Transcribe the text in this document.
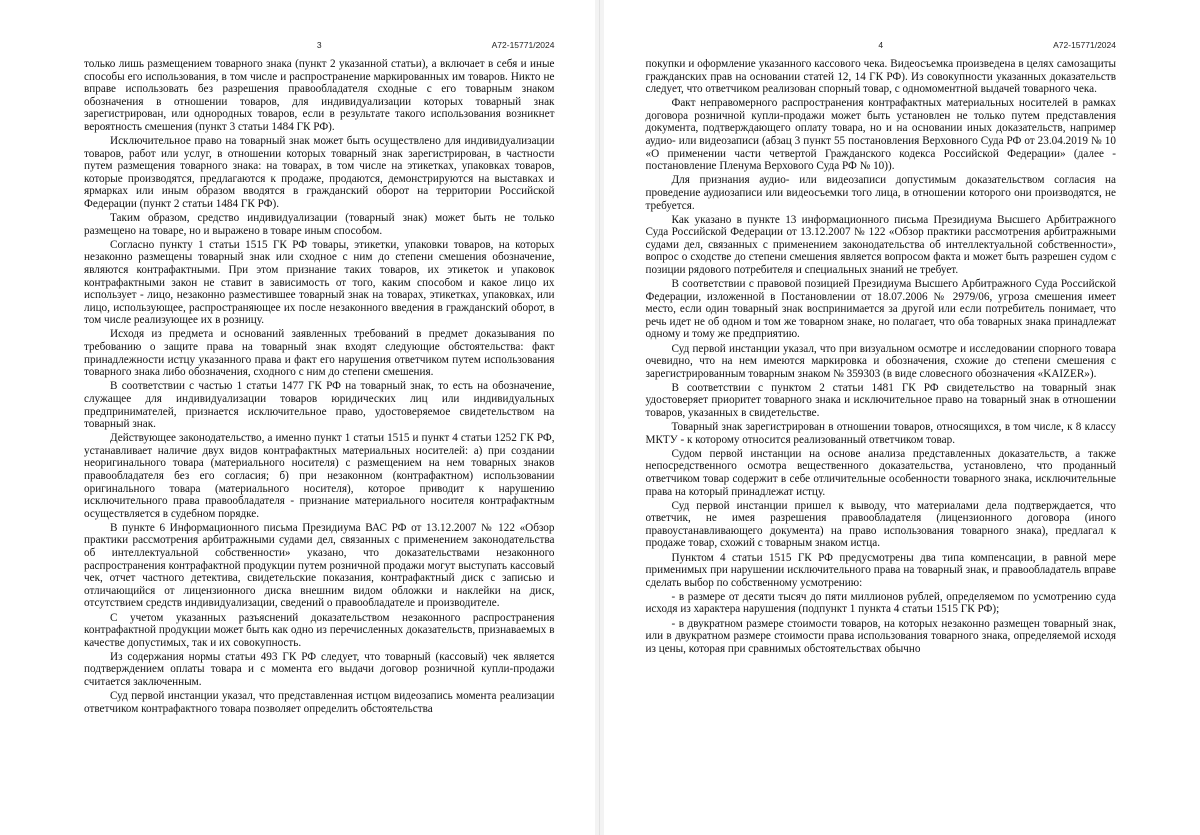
3	А72-15771/2024

только лишь размещением товарного знака (пункт 2 указанной статьи), а включает в себя и иные способы его использования, в том числе и распространение маркированных им товаров. Никто не вправе использовать без разрешения правообладателя сходные с его товарным знаком обозначения в отношении товаров, для индивидуализации которых товарный знак зарегистрирован, или однородных товаров, если в результате такого использования возникнет вероятность смешения (пункт 3 статьи 1484 ГК РФ).

Исключительное право на товарный знак может быть осуществлено для индивидуализации товаров, работ или услуг, в отношении которых товарный знак зарегистрирован, в частности путем размещения товарного знака: на товарах, в том числе на этикетках, упаковках товаров, которые производятся, предлагаются к продаже, продаются, демонстрируются на выставках и ярмарках или иным образом вводятся в гражданский оборот на территории Российской Федерации (пункт 2 статьи 1484 ГК РФ).

Таким образом, средство индивидуализации (товарный знак) может быть не только размещено на товаре, но и выражено в товаре иным способом.

Согласно пункту 1 статьи 1515 ГК РФ товары, этикетки, упаковки товаров, на которых незаконно размещены товарный знак или сходное с ним до степени смешения обозначение, являются контрафактными. При этом признание таких товаров, их этикеток и упаковок контрафактными закон не ставит в зависимость от того, каким способом и какое лицо их использует - лицо, незаконно разместившее товарный знак на товарах, этикетках, упаковках, или лицо, использующее, распространяющее их после незаконного введения в гражданский оборот, в том числе реализующее их в розницу.

Исходя из предмета и оснований заявленных требований в предмет доказывания по требованию о защите права на товарный знак входят следующие обстоятельства: факт принадлежности истцу указанного права и факт его нарушения ответчиком путем использования товарного знака либо обозначения, сходного с ним до степени смешения.

В соответствии с частью 1 статьи 1477 ГК РФ на товарный знак, то есть на обозначение, служащее для индивидуализации товаров юридических лиц или индивидуальных предпринимателей, признается исключительное право, удостоверяемое свидетельством на товарный знак.

Действующее законодательство, а именно пункт 1 статьи 1515 и пункт 4 статьи 1252 ГК РФ, устанавливает наличие двух видов контрафактных материальных носителей: а) при создании неоригинального товара (материального носителя) с размещением на нем товарных знаков правообладателя без его согласия; б) при незаконном (контрафактном) использовании оригинального товара (материального носителя), которое приводит к нарушению исключительного права правообладателя - признание материального носителя контрафактным осуществляется в судебном порядке.

В пункте 6 Информационного письма Президиума ВАС РФ от 13.12.2007 № 122 «Обзор практики рассмотрения арбитражными судами дел, связанных с применением законодательства об интеллектуальной собственности» указано, что доказательствами незаконного распространения контрафактной продукции путем розничной продажи могут выступать кассовый чек, отчет частного детектива, свидетельские показания, контрафактный диск с записью и отличающийся от лицензионного диска внешним видом обложки и наклейки на диск, отсутствием средств индивидуализации, сведений о правообладателе и производителе.

С учетом указанных разъяснений доказательством незаконного распространения контрафактной продукции может быть как одно из перечисленных доказательств, признаваемых в качестве допустимых, так и их совокупность.

Из содержания нормы статьи 493 ГК РФ следует, что товарный (кассовый) чек является подтверждением оплаты товара и с момента его выдачи договор розничной купли-продажи считается заключенным.

Суд первой инстанции указал, что представленная истцом видеозапись момента реализации ответчиком контрафактного товара позволяет определить обстоятельства

4	А72-15771/2024

покупки и оформление указанного кассового чека. Видеосъемка произведена в целях самозащиты гражданских прав на основании статей 12, 14 ГК РФ). Из совокупности указанных доказательств следует, что ответчиком реализован спорный товар, с одномоментной выдачей товарного чека.

Факт неправомерного распространения контрафактных материальных носителей в рамках договора розничной купли-продажи может быть установлен не только путем представления документа, подтверждающего оплату товара, но и на основании иных доказательств, например аудио- или видеозаписи (абзац 3 пункт 55 постановления Верховного Суда РФ от 23.04.2019 № 10 «О применении части четвертой Гражданского кодекса Российской Федерации» (далее - постановление Пленума Верхового Суда РФ № 10)).

Для признания аудио- или видеозаписи допустимым доказательством согласия на проведение аудиозаписи или видеосъемки того лица, в отношении которого они производятся, не требуется.

Как указано в пункте 13 информационного письма Президиума Высшего Арбитражного Суда Российской Федерации от 13.12.2007 № 122 «Обзор практики рассмотрения арбитражными судами дел, связанных с применением законодательства об интеллектуальной собственности», вопрос о сходстве до степени смешения является вопросом факта и может быть разрешен судом с позиции рядового потребителя и специальных знаний не требует.

В соответствии с правовой позицией Президиума Высшего Арбитражного Суда Российской Федерации, изложенной в Постановлении от 18.07.2006 № 2979/06, угроза смешения имеет место, если один товарный знак воспринимается за другой или если потребитель понимает, что речь идет не об одном и том же товарном знаке, но полагает, что оба товарных знака принадлежат одному и тому же предприятию.

Суд первой инстанции указал, что при визуальном осмотре и исследовании спорного товара очевидно, что на нем имеются маркировка и обозначения, схожие до степени смешения с зарегистрированным товарным знаком № 359303 (в виде словесного обозначения «KAIZER»).

В соответствии с пунктом 2 статьи 1481 ГК РФ свидетельство на товарный знак удостоверяет приоритет товарного знака и исключительное право на товарный знак в отношении товаров, указанных в свидетельстве.

Товарный знак зарегистрирован в отношении товаров, относящихся, в том числе, к 8 классу МКТУ - к которому относится реализованный ответчиком товар.

Судом первой инстанции на основе анализа представленных доказательств, а также непосредственного осмотра вещественного доказательства, установлено, что проданный ответчиком товар содержит в себе отличительные особенности товарного знака, исключительные права на который принадлежат истцу.

Суд первой инстанции пришел к выводу, что материалами дела подтверждается, что ответчик, не имея разрешения правообладателя (лицензионного договора (иного правоустанавливающего документа) на право использования товарного знака), предлагал к продаже товар, схожий с товарным знаком истца.

Пунктом 4 статьи 1515 ГК РФ предусмотрены два типа компенсации, в равной мере применимых при нарушении исключительного права на товарный знак, и правообладатель вправе сделать выбор по собственному усмотрению:

- в размере от десяти тысяч до пяти миллионов рублей, определяемом по усмотрению суда исходя из характера нарушения (подпункт 1 пункта 4 статьи 1515 ГК РФ);

- в двукратном размере стоимости товаров, на которых незаконно размещен товарный знак, или в двукратном размере стоимости права использования товарного знака, определяемой исходя из цены, которая при сравнимых обстоятельствах обычно
